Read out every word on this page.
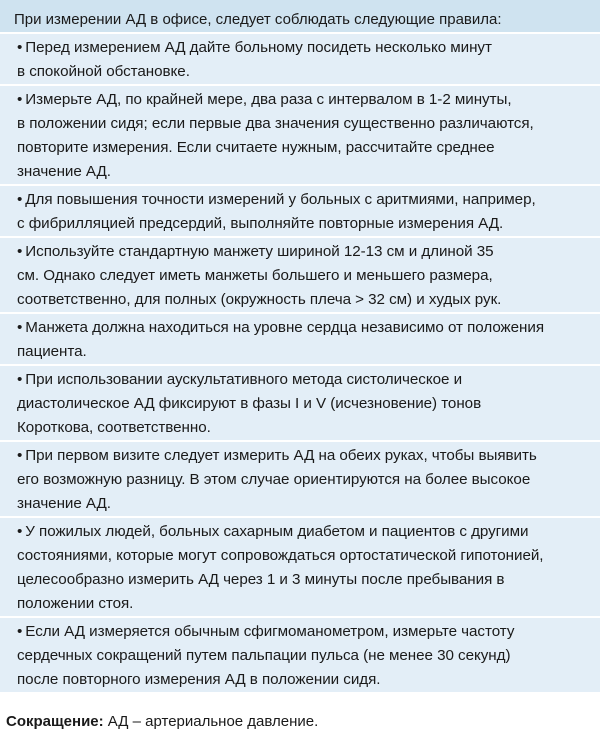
При измерении АД в офисе, следует соблюдать следующие правила:
• Перед измерением АД дайте больному посидеть несколько минут
в спокойной обстановке.
• Измерьте АД, по крайней мере, два раза с интервалом в 1-2 минуты,
в положении сидя; если первые два значения существенно различаются,
повторите измерения. Если считаете нужным, рассчитайте среднее
значение АД.
• Для повышения точности измерений у больных с аритмиями, например,
с фибрилляцией предсердий, выполняйте повторные измерения АД.
• Используйте стандартную манжету шириной 12-13 см и длиной 35
см. Однако следует иметь манжеты большего и меньшего размера,
соответственно, для полных (окружность плеча > 32 см) и худых рук.
• Манжета должна находиться на уровне сердца независимо от положения
пациента.
• При использовании аускультативного метода систолическое и
диастолическое АД фиксируют в фазы I и V (исчезновение) тонов
Короткова, соответственно.
• При первом визите следует измерить АД на обеих руках, чтобы выявить
его возможную разницу. В этом случае ориентируются на более высокое
значение АД.
• У пожилых людей, больных сахарным диабетом и пациентов с другими
состояниями, которые могут сопровождаться ортостатической гипотонией,
целесообразно измерить АД через 1 и 3 минуты после пребывания в
положении стоя.
• Если АД измеряется обычным сфигмоманометром, измерьте частоту
сердечных сокращений путем пальпации пульса (не менее 30 секунд)
после повторного измерения АД в положении сидя.
Сокращение: АД – артериальное давление.
